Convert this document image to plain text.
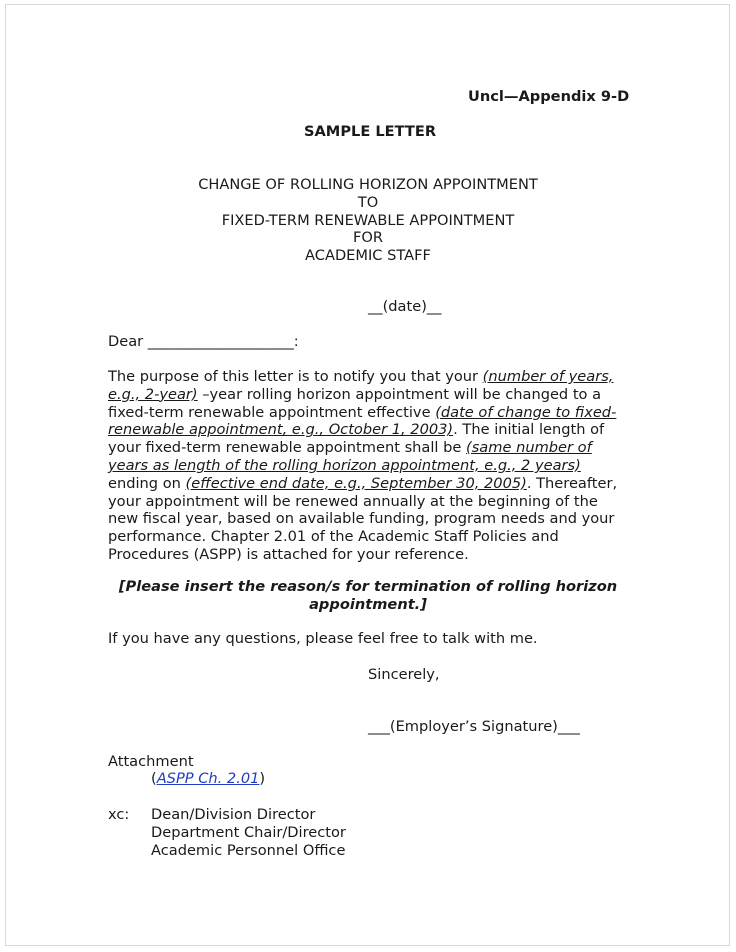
Uncl—Appendix 9-D
SAMPLE LETTER
CHANGE OF ROLLING HORIZON APPOINTMENT
TO
FIXED-TERM RENEWABLE APPOINTMENT
FOR
ACADEMIC STAFF
__(date)__
Dear ____________________:
The purpose of this letter is to notify you that your (number of years,
e.g., 2-year) –year rolling horizon appointment will be changed to a
fixed-term renewable appointment effective (date of change to fixed-
renewable appointment, e.g., October 1, 2003). The initial length of
your fixed-term renewable appointment shall be (same number of
years as length of the rolling horizon appointment, e.g., 2 years)
ending on (effective end date, e.g., September 30, 2005). Thereafter,
your appointment will be renewed annually at the beginning of the
new fiscal year, based on available funding, program needs and your
performance. Chapter 2.01 of the Academic Staff Policies and
Procedures (ASPP) is attached for your reference.
[Please insert the reason/s for termination of rolling horizon
appointment.]
If you have any questions, please feel free to talk with me.
Sincerely,
___(Employer’s Signature)___
Attachment
(ASPP Ch. 2.01)
xc: Dean/Division Director
Department Chair/Director
Academic Personnel Office
